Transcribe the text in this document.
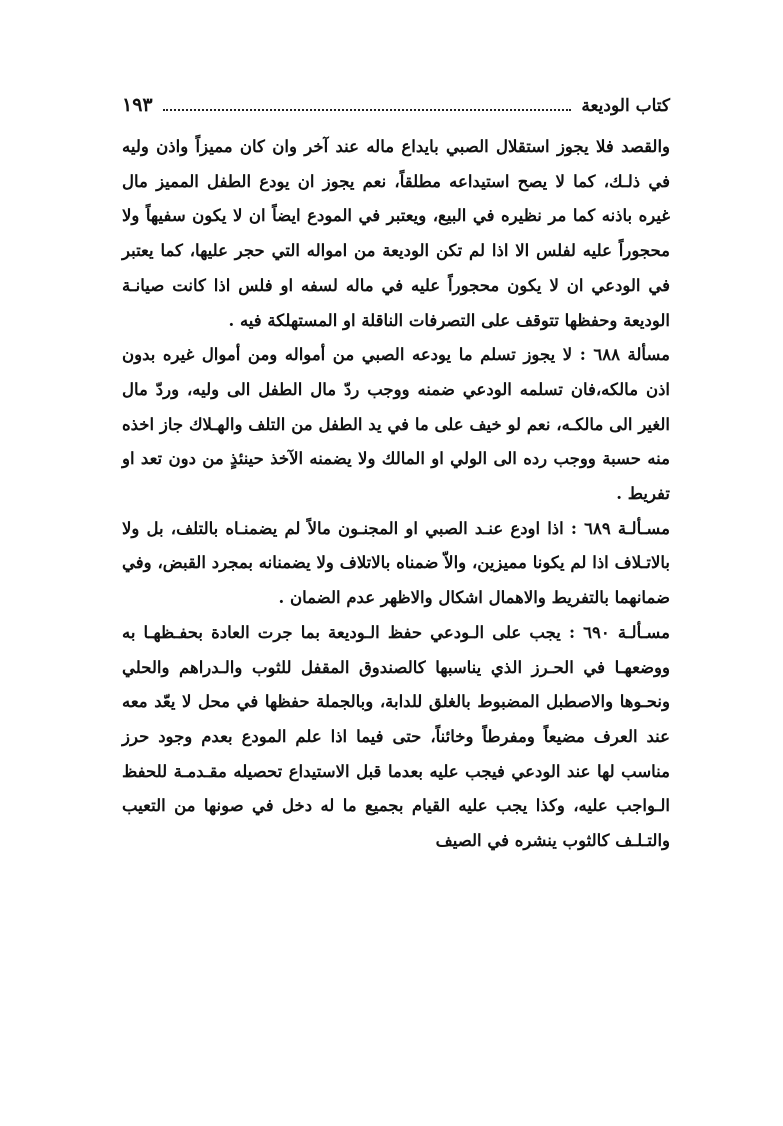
كتاب الوديعة
١٩٣

والقصد فلا يجوز استقلال الصبي بايداع ماله عند آخر وان كان مميزاً واذن وليه في ذلـك، كما لا يصح استيداعه مطلقاً، نعم يجوز ان يودع الطفل المميز مال غيره باذنه كما مر نظيره في البيع، ويعتبر في المودع ايضاً ان لا يكون سفيهاً ولا محجوراً عليه لفلس الا اذا لم تكن الوديعة من امواله التي حجر عليها، كما يعتبر في الودعي ان لا يكون محجوراً عليه في ماله لسفه او فلس اذا كانت صيانـة الوديعة وحفظها تتوقف على التصرفات الناقلة او المستهلكة فيه .

مسألة ٦٨٨ : لا يجوز تسلم ما يودعه الصبي من أمواله ومن أموال غيره بدون اذن مالكه،فان تسلمه الودعي ضمنه ووجب ردّ مال الطفل الى وليه، وردّ مال الغير الى مالكـه، نعم لو خيف على ما في يد الطفل من التلف والهـلاك جاز اخذه منه حسبة ووجب رده الى الولي او المالك ولا يضمنه الآخذ حينئذٍ من دون تعد او تفريط .

مسـألـة ٦٨٩ : اذا اودع عنـد الصبي او المجنـون مالاً لم يضمنـاه بالتلف، بل ولا بالاتـلاف اذا لم يكونا مميزين، والاّ ضمناه بالاتلاف ولا يضمنانه بمجرد القبض، وفي ضمانهما بالتفريط والاهمال اشكال والاظهر عدم الضمان .

مسـألـة ٦٩٠ : يجب على الـودعي حفظ الـوديعة بما جرت العادة بحفـظهـا به ووضعهـا في الحـرز الذي يناسبها كالصندوق المقفل للثوب والـدراهم والحلي ونحـوها والاصطبل المضبوط بالغلق للدابة، وبالجملة حفظها في محل لا يعّد معه عند العرف مضيعاً ومفرطاً وخائناً، حتى فيما اذا علم المودع بعدم وجود حرز مناسب لها عند الودعي فيجب عليه بعدما قبل الاستيداع تحصيله مقـدمـة للحفظ الـواجب عليه، وكذا يجب عليه القيام بجميع ما له دخل في صونها من التعيب والتـلـف كالثوب ينشره في الصيف
